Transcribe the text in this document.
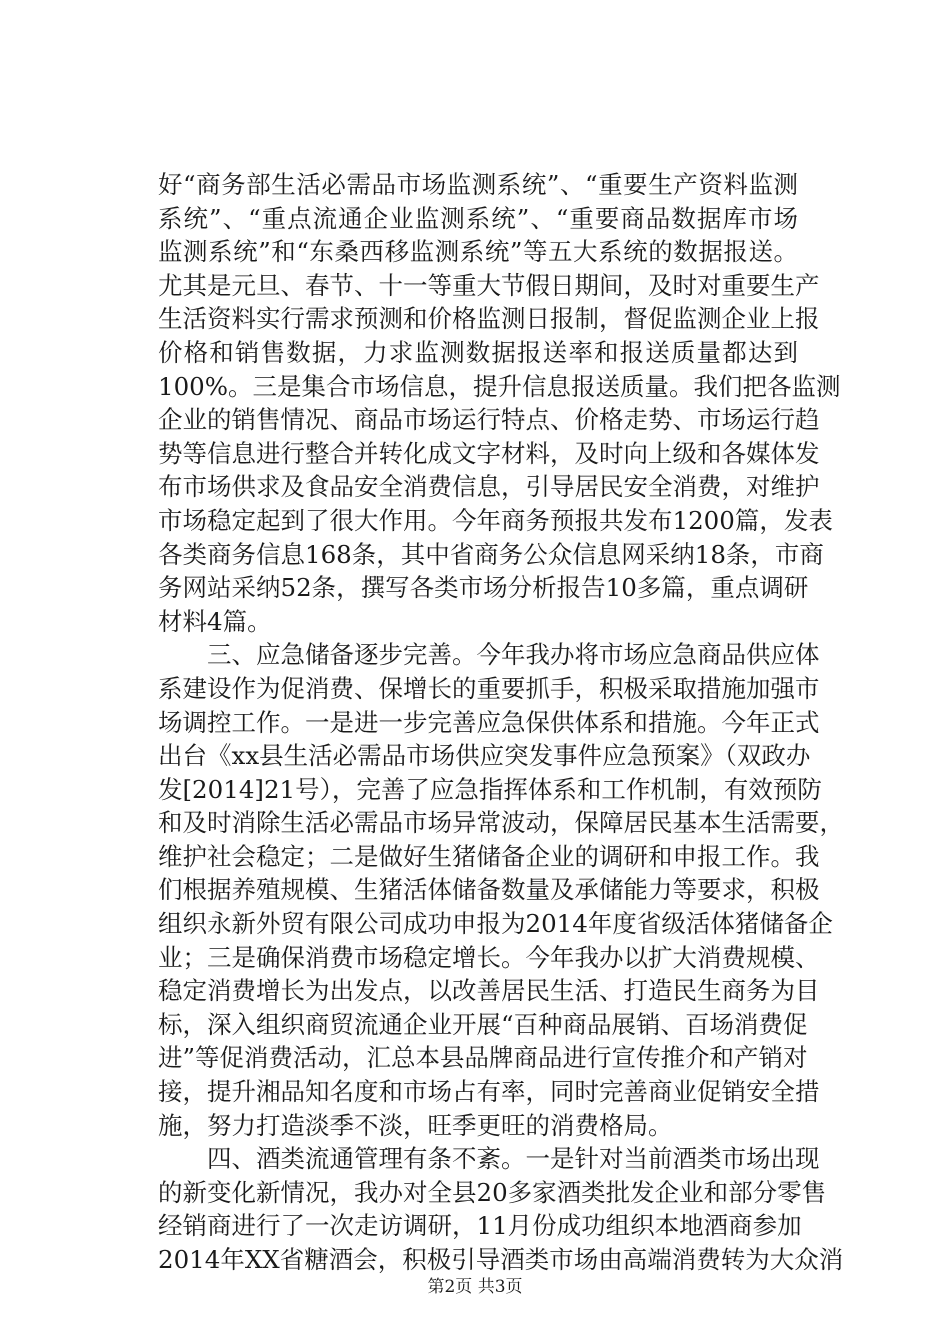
好“商务部生活必需品市场监测系统”、“重要生产资料监测
系统”、“重点流通企业监测系统”、“重要商品数据库市场
监测系统”和“东桑西移监测系统”等五大系统的数据报送。
尤其是元旦、春节、十一等重大节假日期间，及时对重要生产
生活资料实行需求预测和价格监测日报制，督促监测企业上报
价格和销售数据，力求监测数据报送率和报送质量都达到
100%。三是集合市场信息，提升信息报送质量。我们把各监测
企业的销售情况、商品市场运行特点、价格走势、市场运行趋
势等信息进行整合并转化成文字材料，及时向上级和各媒体发
布市场供求及食品安全消费信息，引导居民安全消费，对维护
市场稳定起到了很大作用。今年商务预报共发布1200篇，发表
各类商务信息168条，其中省商务公众信息网采纳18条，市商
务网站采纳52条，撰写各类市场分析报告10多篇，重点调研
材料4篇。
三、应急储备逐步完善。今年我办将市场应急商品供应体
系建设作为促消费、保增长的重要抓手，积极采取措施加强市
场调控工作。一是进一步完善应急保供体系和措施。今年正式
出台《xx县生活必需品市场供应突发事件应急预案》（双政办
发[2014]21号），完善了应急指挥体系和工作机制，有效预防
和及时消除生活必需品市场异常波动，保障居民基本生活需要，
维护社会稳定；二是做好生猪储备企业的调研和申报工作。我
们根据养殖规模、生猪活体储备数量及承储能力等要求，积极
组织永新外贸有限公司成功申报为2014年度省级活体猪储备企
业；三是确保消费市场稳定增长。今年我办以扩大消费规模、
稳定消费增长为出发点，以改善居民生活、打造民生商务为目
标，深入组织商贸流通企业开展“百种商品展销、百场消费促
进”等促消费活动，汇总本县品牌商品进行宣传推介和产销对
接，提升湘品知名度和市场占有率，同时完善商业促销安全措
施，努力打造淡季不淡，旺季更旺的消费格局。
四、酒类流通管理有条不紊。一是针对当前酒类市场出现
的新变化新情况，我办对全县20多家酒类批发企业和部分零售
经销商进行了一次走访调研，11月份成功组织本地酒商参加
2014年XX省糖酒会，积极引导酒类市场由高端消费转为大众消
第2页 共3页
